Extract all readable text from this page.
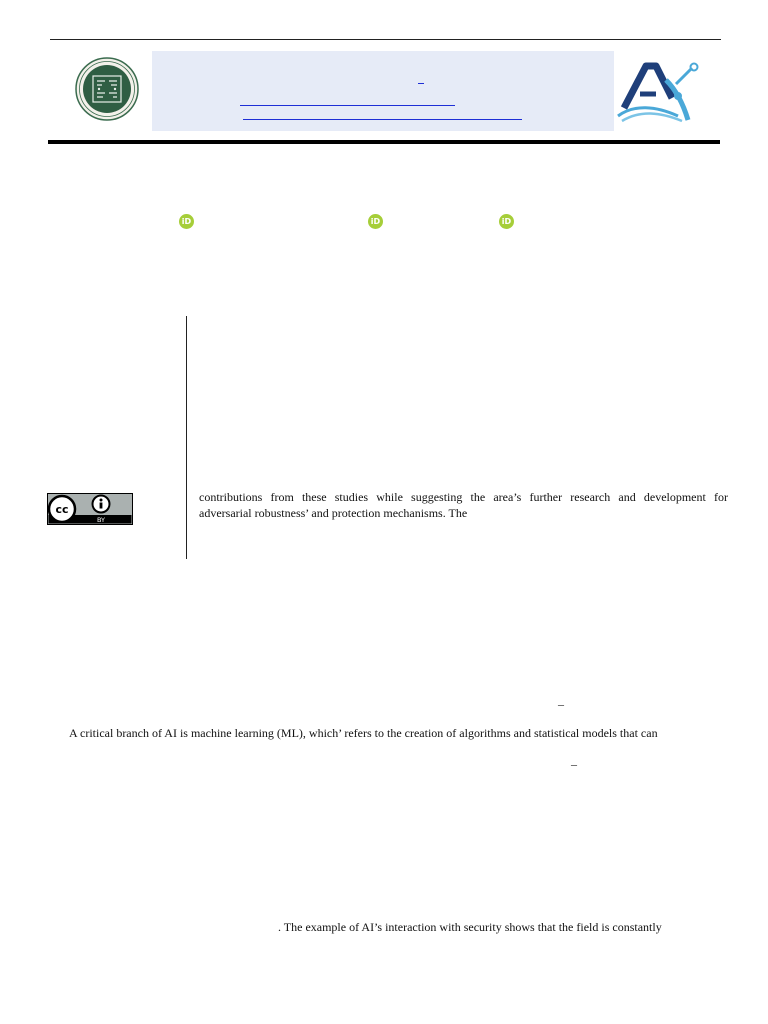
iD	iD	iD
cc
BY
contributions from these studies while suggesting the area’s further research and development for
adversarial robustness’ and protection mechanisms. The
–
A critical branch of AI is machine learning (ML), which’ refers to the creation of algorithms and statistical models that can
–
. The example of AI’s interaction with security shows that the field is constantly
